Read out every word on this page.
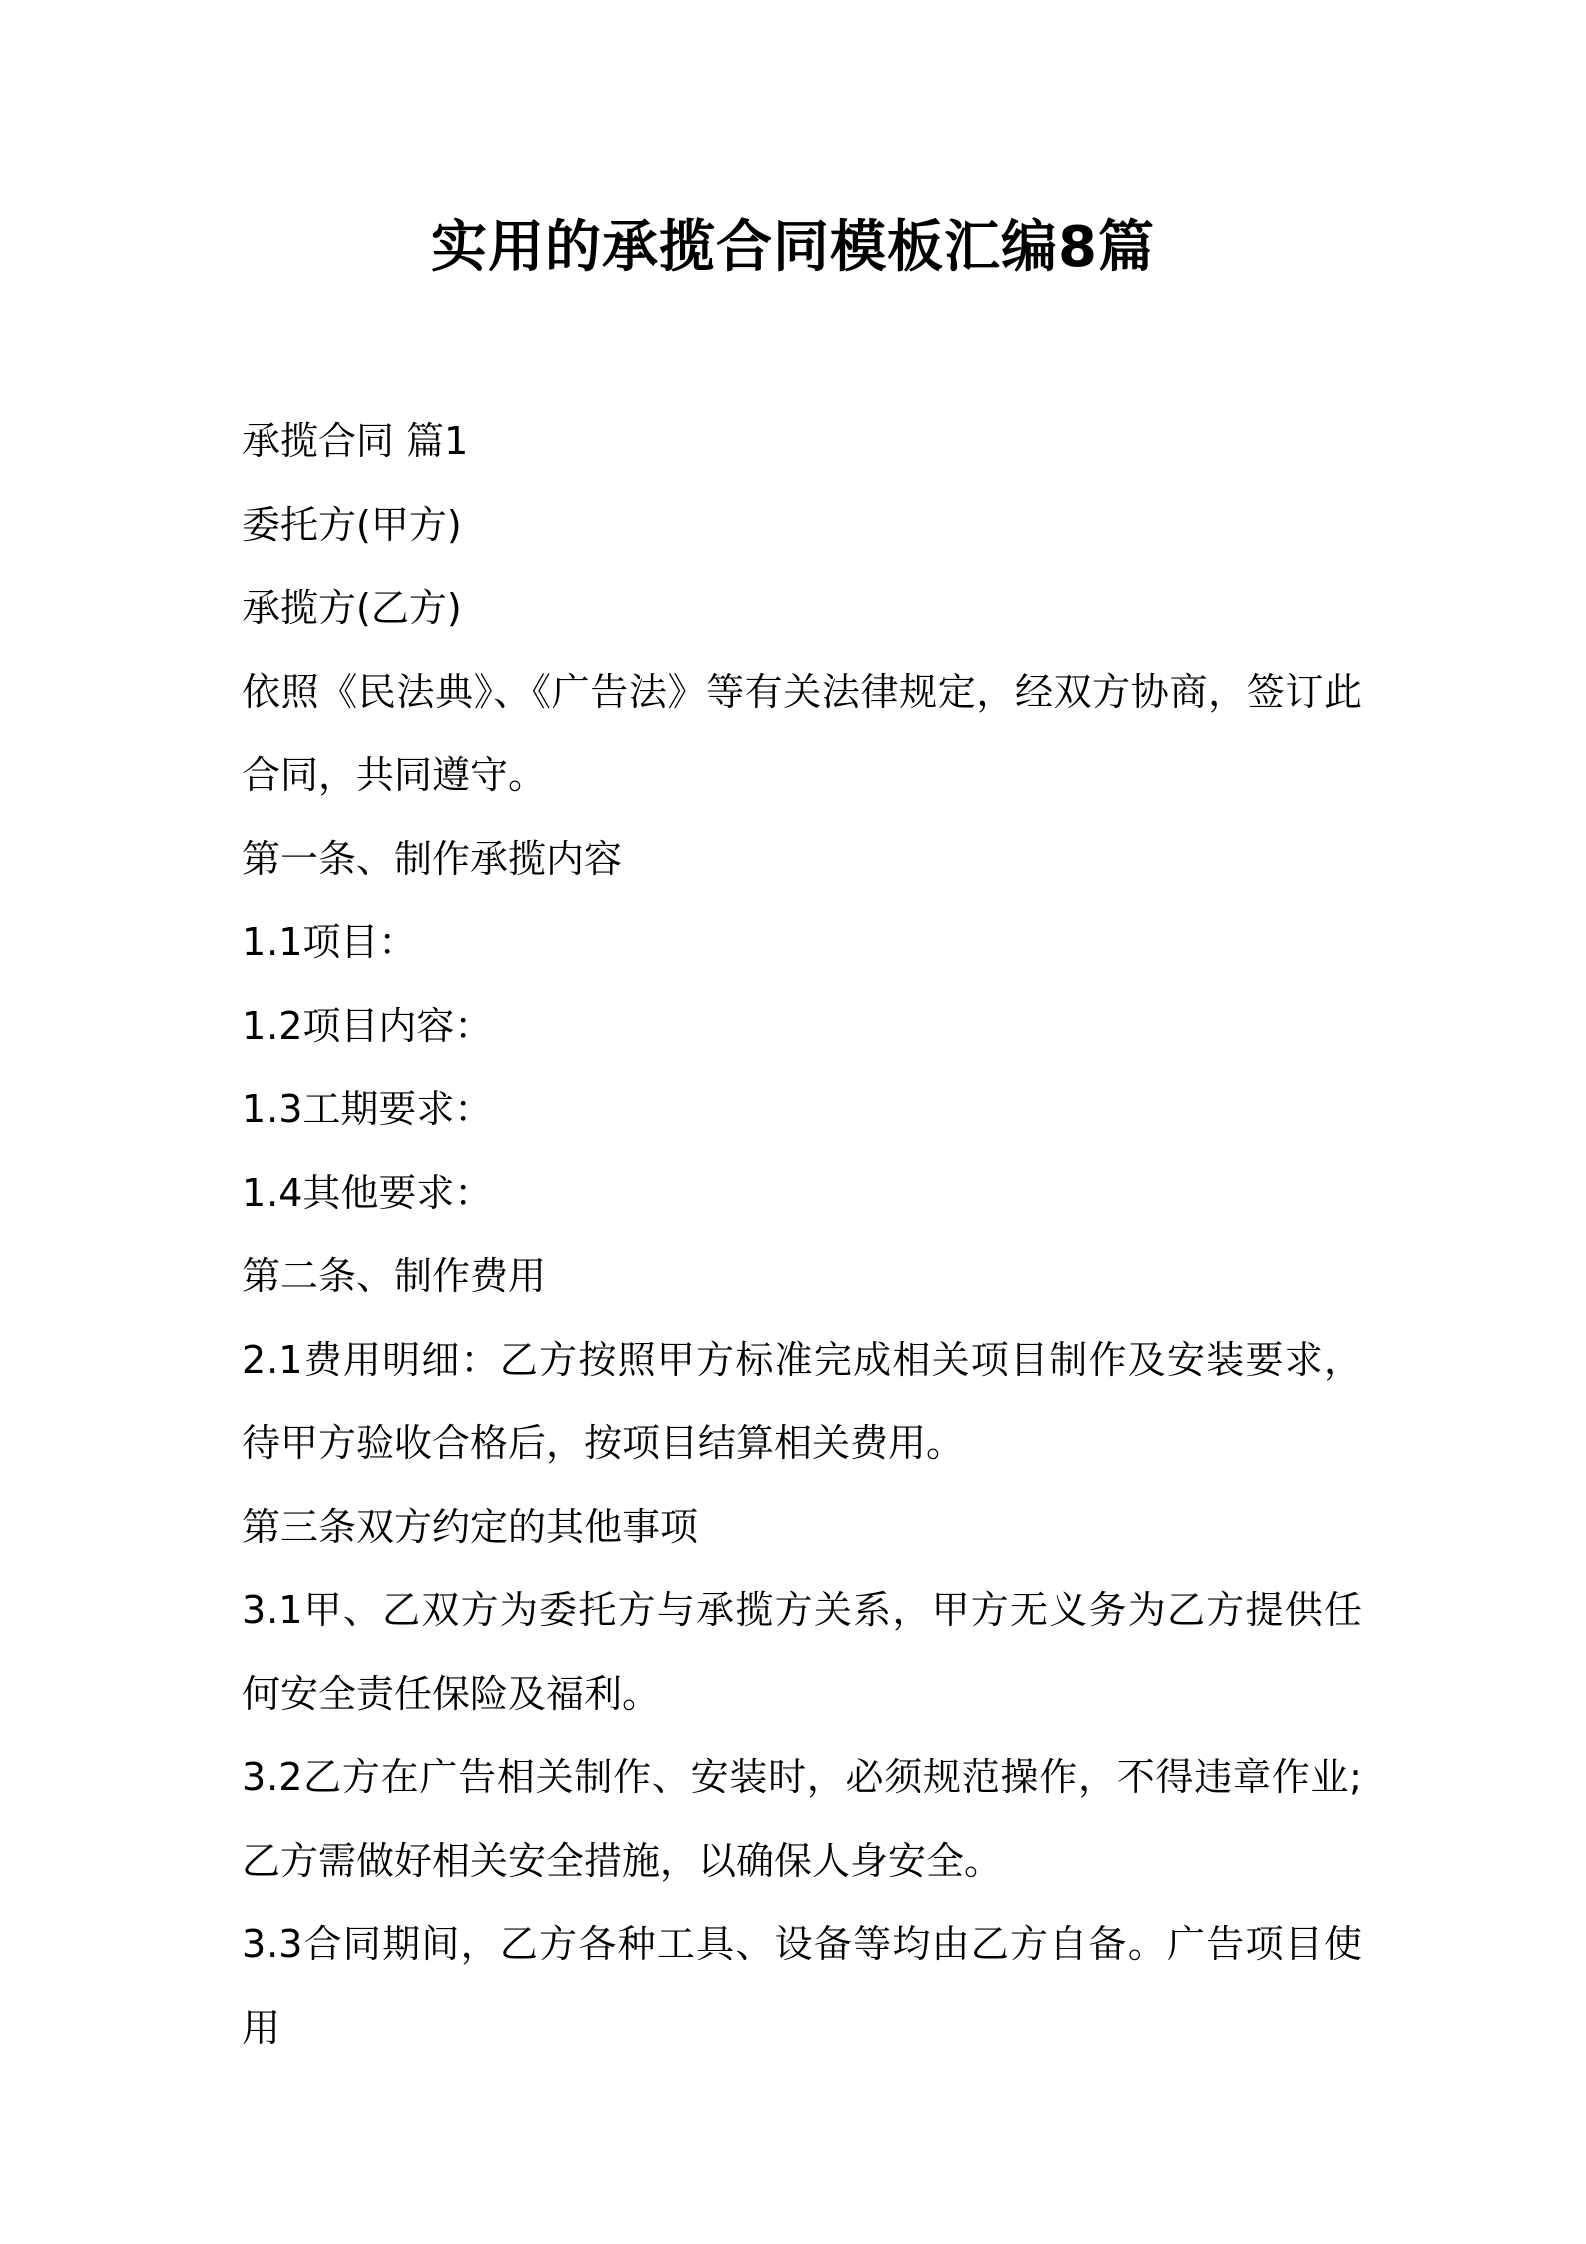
实用的承揽合同模板汇编8篇

承揽合同 篇1

委托方(甲方)

承揽方(乙方)

依照《民法典》、《广告法》等有关法律规定，经双方协商，签订此合同，共同遵守。

第一条、制作承揽内容

1.1项目：

1.2项目内容：

1.3工期要求：

1.4其他要求：

第二条、制作费用

2.1费用明细：乙方按照甲方标准完成相关项目制作及安装要求，待甲方验收合格后，按项目结算相关费用。

第三条双方约定的其他事项

3.1甲、乙双方为委托方与承揽方关系，甲方无义务为乙方提供任何安全责任保险及福利。

3.2乙方在广告相关制作、安装时，必须规范操作，不得违章作业;乙方需做好相关安全措施，以确保人身安全。

3.3合同期间，乙方各种工具、设备等均由乙方自备。广告项目使用
